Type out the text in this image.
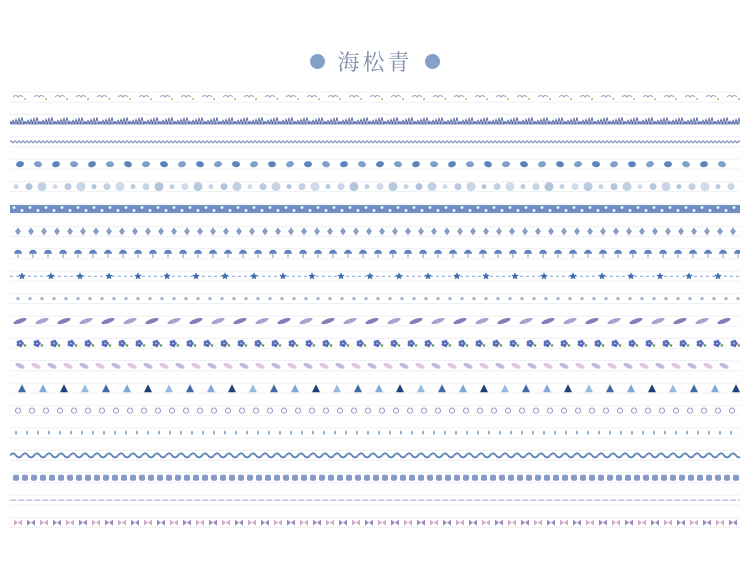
海松青
